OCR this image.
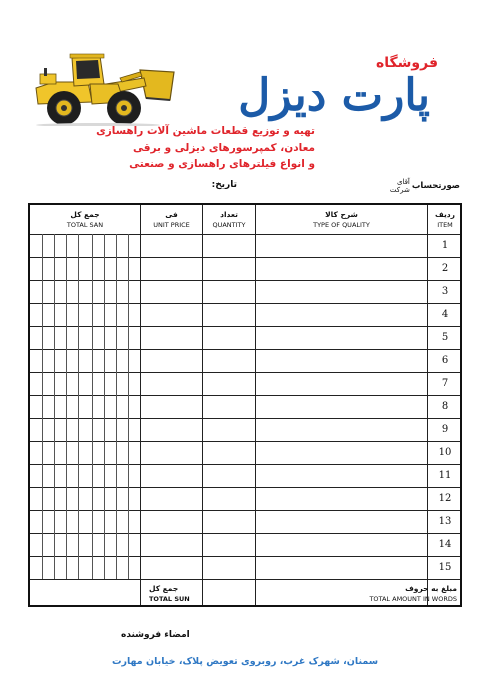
فروشگاه
پارت دیزل
تهیه و توزیع قطعات ماشین آلات راهسازی
معادن، کمپرسورهای دیزلی و برقی
و انواع فیلترهای راهسازی و صنعتی
صورتحساب
آقای
شرکت
تاریخ:
1
2
3
4
5
6
7
8
9
10
11
12
13
14
15
ردیف
ITEM
شرح کالا
TYPE OF QUALITY
تعداد
QUANTITY
فی
UNIT PRICE
جمع کل
TOTAL SAN
مبلغ به حروف
TOTAL AMOUNT IN WORDS
جمع کل
TOTAL SUN
امضاء فروشنده
سمنان، شهرک غرب، روبروی تعویض پلاک، خیابان مهارت
